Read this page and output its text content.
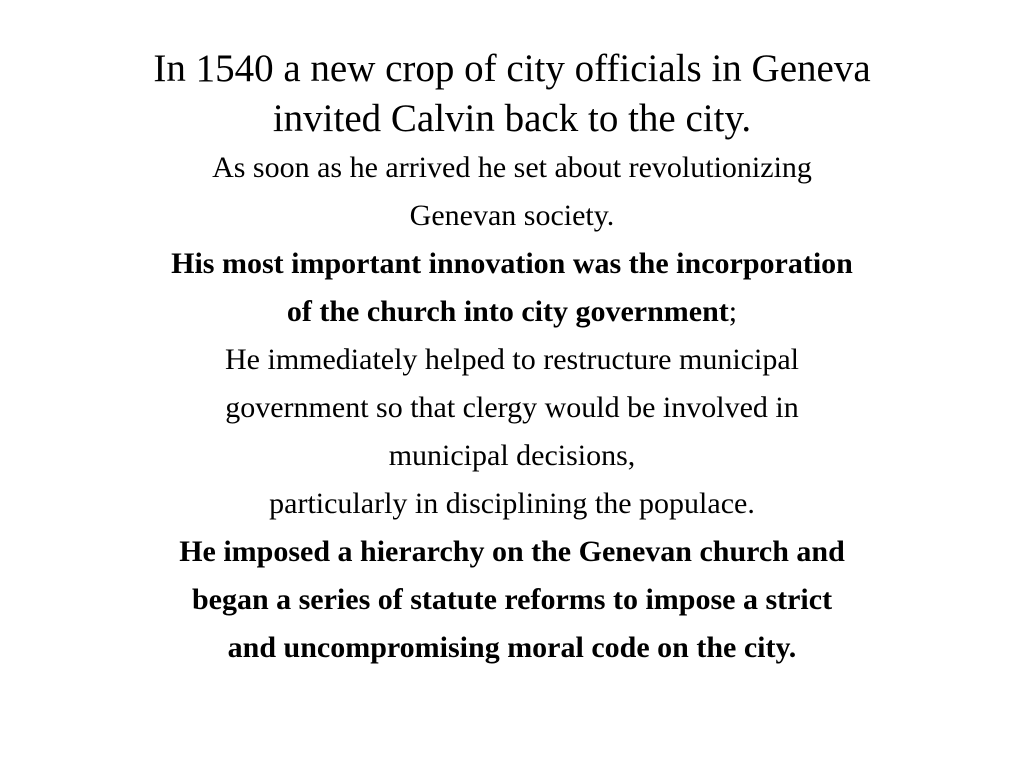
In 1540 a new crop of city officials in Geneva
invited Calvin back to the city.
As soon as he arrived he set about revolutionizing
Genevan society.
His most important innovation was the incorporation
of the church into city government;
He immediately helped to restructure municipal
government so that clergy would be involved in
municipal decisions,
particularly in disciplining the populace.
He imposed a hierarchy on the Genevan church and
began a series of statute reforms to impose a strict
and uncompromising moral code on the city.
